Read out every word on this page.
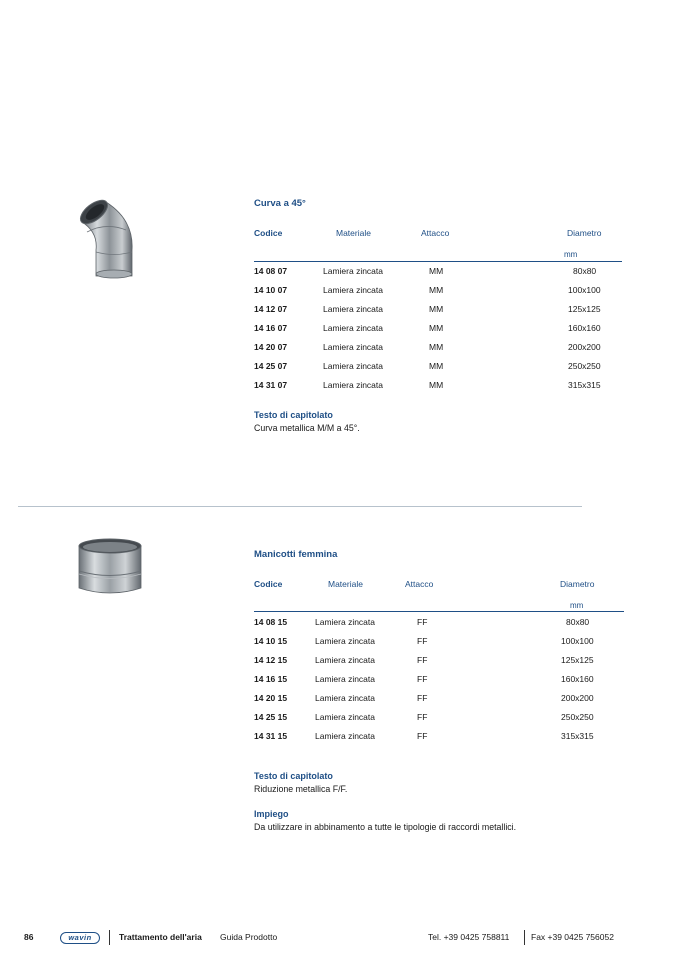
Curva a 45°
Codice	Materiale	Attacco	Diametro
mm
14 08 07	Lamiera zincata	MM	80x80
14 10 07	Lamiera zincata	MM	100x100
14 12 07	Lamiera zincata	MM	125x125
14 16 07	Lamiera zincata	MM	160x160
14 20 07	Lamiera zincata	MM	200x200
14 25 07	Lamiera zincata	MM	250x250
14 31 07	Lamiera zincata	MM	315x315
Testo di capitolato
Curva metallica M/M a 45°.
Manicotti femmina
Codice	Materiale	Attacco	Diametro
mm
14 08 15	Lamiera zincata	FF	80x80
14 10 15	Lamiera zincata	FF	100x100
14 12 15	Lamiera zincata	FF	125x125
14 16 15	Lamiera zincata	FF	160x160
14 20 15	Lamiera zincata	FF	200x200
14 25 15	Lamiera zincata	FF	250x250
14 31 15	Lamiera zincata	FF	315x315
Testo di capitolato
Riduzione metallica F/F.
Impiego
Da utilizzare in abbinamento a tutte le tipologie di raccordi metallici.
86	wavin	Trattamento dell'aria Guida Prodotto	Tel. +39 0425 758811	Fax +39 0425 756052
